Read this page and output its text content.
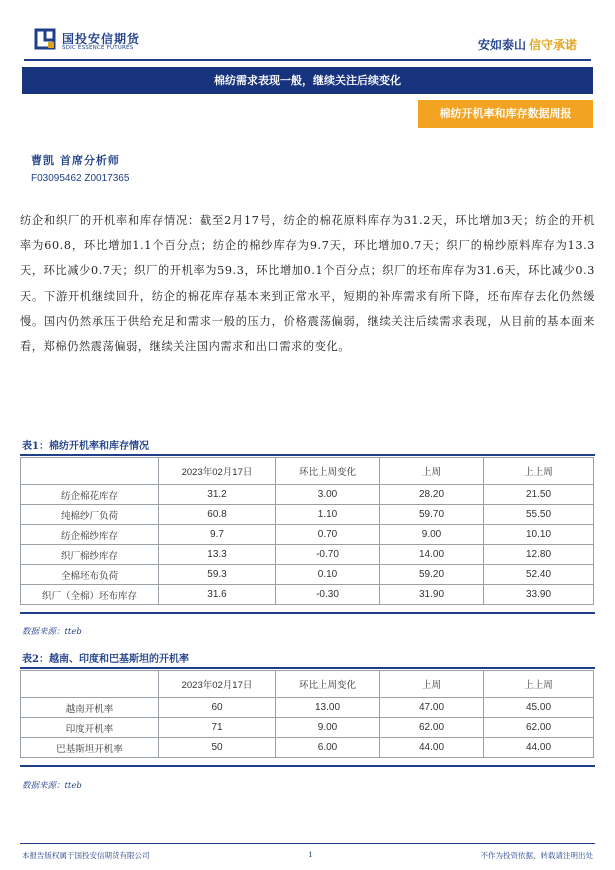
国投安信期货
SDIC ESSENCE FUTURES	安如泰山 信守承诺
棉纺需求表现一般，继续关注后续变化
棉纺开机率和库存数据周报
曹凯 首席分析师
F03095462 Z0017365
纺企和织厂的开机率和库存情况：截至2月17号，纺企的棉花原料库存为31.2天，环比增加3天；纺企的开机率为60.8，环比增加1.1个百分点；纺企的棉纱库存为9.7天，环比增加0.7天；织厂的棉纱原料库存为13.3天，环比减少0.7天；织厂的开机率为59.3，环比增加0.1个百分点；织厂的坯布库存为31.6天，环比减少0.3天。下游开机继续回升，纺企的棉花库存基本来到正常水平，短期的补库需求有所下降，坯布库存去化仍然缓慢。国内仍然承压于供给充足和需求一般的压力，价格震荡偏弱，继续关注后续需求表现，从目前的基本面来看，郑棉仍然震荡偏弱，继续关注国内需求和出口需求的变化。
表1：棉纺开机率和库存情况
	2023年02月17日	环比上周变化	上周	上上周
纺企棉花库存	31.2	3.00	28.20	21.50
纯棉纱厂负荷	60.8	1.10	59.70	55.50
纺企棉纱库存	9.7	0.70	9.00	10.10
织厂棉纱库存	13.3	-0.70	14.00	12.80
全棉坯布负荷	59.3	0.10	59.20	52.40
织厂（全棉）坯布库存	31.6	-0.30	31.90	33.90
数据来源：tteb
表2：越南、印度和巴基斯坦的开机率
	2023年02月17日	环比上周变化	上周	上上周
越南开机率	60	13.00	47.00	45.00
印度开机率	71	9.00	62.00	62.00
巴基斯坦开机率	50	6.00	44.00	44.00
数据来源：tteb
本报告版权属于国投安信期货有限公司	1	不作为投资依据，转载请注明出处
